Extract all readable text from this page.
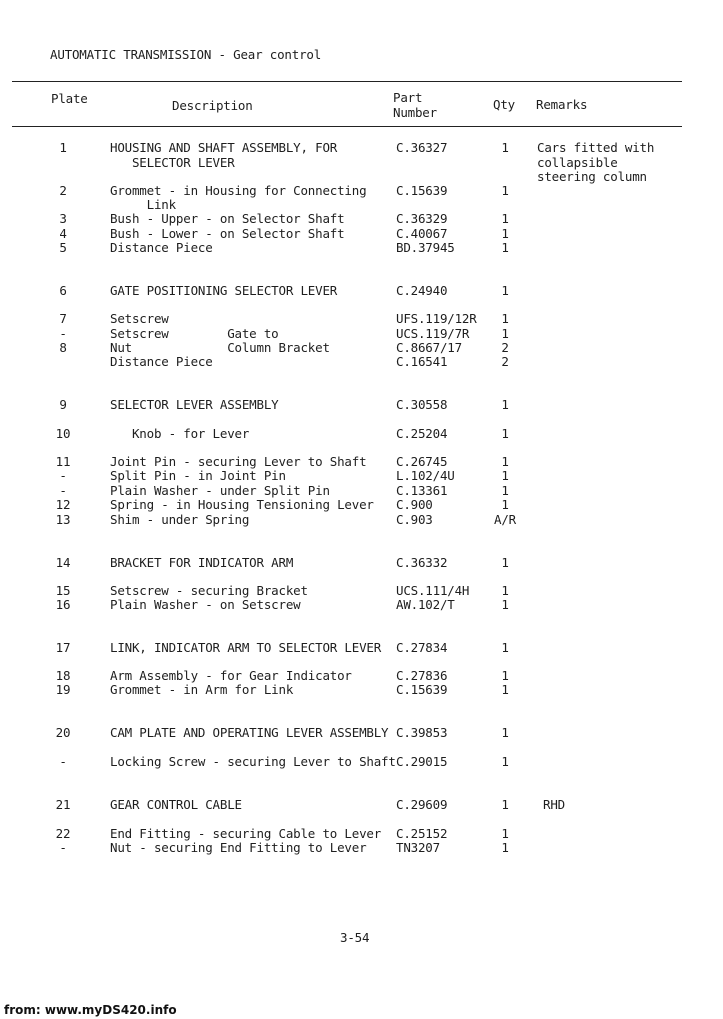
AUTOMATIC TRANSMISSION - Gear control
Plate	Description
Part
Number
Qty Remarks
1	HOUSING AND SHAFT ASSEMBLY, FOR	C.36327	1	Cars fitted with
SELECTOR LEVER	collapsible
steering column
2	Grommet - in Housing for Connecting	C.15639	1
Link
3	Bush - Upper - on Selector Shaft	C.36329	1
4	Bush - Lower - on Selector Shaft	C.40067	1
5	Distance Piece	BD.37945	1
6	GATE POSITIONING SELECTOR LEVER	C.24940	1
7	Setscrew	UFS.119/12R	1
-	Setscrew        Gate to	UCS.119/7R	1
8	Nut             Column Bracket	C.8667/17	2
Distance Piece	C.16541	2
9	SELECTOR LEVER ASSEMBLY	C.30558	1
10	Knob - for Lever	C.25204	1
11	Joint Pin - securing Lever to Shaft	C.26745	1
-	Split Pin - in Joint Pin	L.102/4U	1
-	Plain Washer - under Split Pin	C.13361	1
12	Spring - in Housing Tensioning Lever	C.900	1
13	Shim - under Spring	C.903	A/R
14	BRACKET FOR INDICATOR ARM	C.36332	1
15	Setscrew - securing Bracket	UCS.111/4H	1
16	Plain Washer - on Setscrew	AW.102/T	1
17	LINK, INDICATOR ARM TO SELECTOR LEVER	C.27834	1
18	Arm Assembly - for Gear Indicator	C.27836	1
19	Grommet - in Arm for Link	C.15639	1
20	CAM PLATE AND OPERATING LEVER ASSEMBLY C.39853	1
-	Locking Screw - securing Lever to Shaft C.29015	1
21	GEAR CONTROL CABLE	C.29609	1	RHD
22	End Fitting - securing Cable to Lever	C.25152	1
-	Nut - securing End Fitting to Lever	TN3207	1
3-54
from: www.myDS420.info
